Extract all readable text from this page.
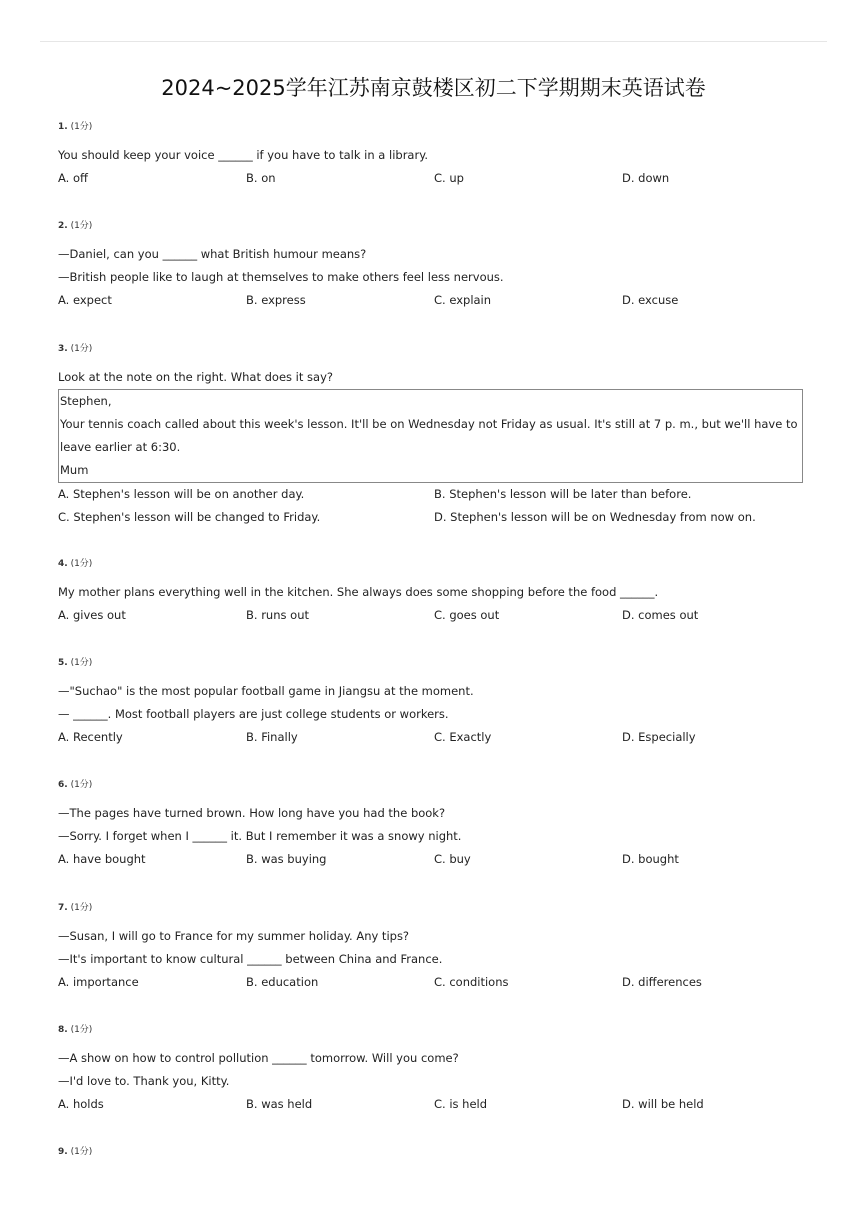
2024~2025学年江苏南京鼓楼区初二下学期期末英语试卷
1. (1分)
You should keep your voice ______ if you have to talk in a library.
A. off	B. on	C. up	D. down
2. (1分)
—Daniel, can you ______ what British humour means?
—British people like to laugh at themselves to make others feel less nervous.
A. expect	B. express	C. explain	D. excuse
3. (1分)
Look at the note on the right. What does it say?
Stephen,
Your tennis coach called about this week's lesson. It'll be on Wednesday not Friday as usual. It's still at 7 p. m., but we'll have to leave earlier at 6:30.
Mum
A. Stephen's lesson will be on another day.	B. Stephen's lesson will be later than before.
C. Stephen's lesson will be changed to Friday.	D. Stephen's lesson will be on Wednesday from now on.
4. (1分)
My mother plans everything well in the kitchen. She always does some shopping before the food ______.
A. gives out	B. runs out	C. goes out	D. comes out
5. (1分)
—"Suchao" is the most popular football game in Jiangsu at the moment.
— ______. Most football players are just college students or workers.
A. Recently	B. Finally	C. Exactly	D. Especially
6. (1分)
—The pages have turned brown. How long have you had the book?
—Sorry. I forget when I ______ it. But I remember it was a snowy night.
A. have bought	B. was buying	C. buy	D. bought
7. (1分)
—Susan, I will go to France for my summer holiday. Any tips?
—It's important to know cultural ______ between China and France.
A. importance	B. education	C. conditions	D. differences
8. (1分)
—A show on how to control pollution ______ tomorrow. Will you come?
—I'd love to. Thank you, Kitty.
A. holds	B. was held	C. is held	D. will be held
9. (1分)
